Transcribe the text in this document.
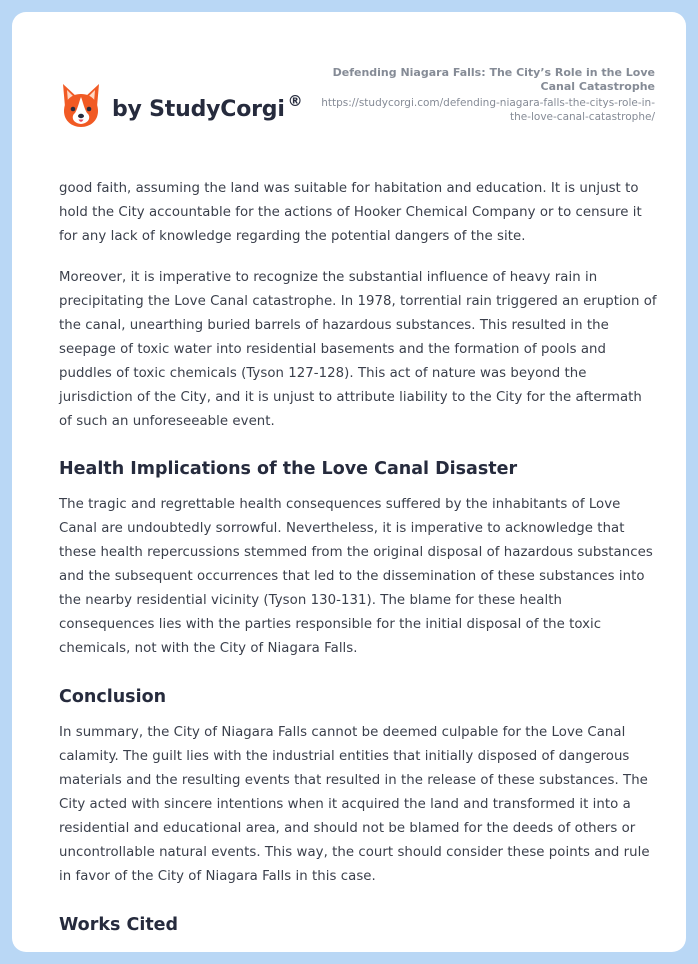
by StudyCorgi ®
Defending Niagara Falls: The City’s Role in the Love Canal Catastrophe
https://studycorgi.com/defending-niagara-falls-the-citys-role-in-the-love-canal-catastrophe/

good faith, assuming the land was suitable for habitation and education. It is unjust to hold the City accountable for the actions of Hooker Chemical Company or to censure it for any lack of knowledge regarding the potential dangers of the site.

Moreover, it is imperative to recognize the substantial influence of heavy rain in precipitating the Love Canal catastrophe. In 1978, torrential rain triggered an eruption of the canal, unearthing buried barrels of hazardous substances. This resulted in the seepage of toxic water into residential basements and the formation of pools and puddles of toxic chemicals (Tyson 127-128). This act of nature was beyond the jurisdiction of the City, and it is unjust to attribute liability to the City for the aftermath of such an unforeseeable event.

Health Implications of the Love Canal Disaster

The tragic and regrettable health consequences suffered by the inhabitants of Love Canal are undoubtedly sorrowful. Nevertheless, it is imperative to acknowledge that these health repercussions stemmed from the original disposal of hazardous substances and the subsequent occurrences that led to the dissemination of these substances into the nearby residential vicinity (Tyson 130-131). The blame for these health consequences lies with the parties responsible for the initial disposal of the toxic chemicals, not with the City of Niagara Falls.

Conclusion

In summary, the City of Niagara Falls cannot be deemed culpable for the Love Canal calamity. The guilt lies with the industrial entities that initially disposed of dangerous materials and the resulting events that resulted in the release of these substances. The City acted with sincere intentions when it acquired the land and transformed it into a residential and educational area, and should not be blamed for the deeds of others or uncontrollable natural events. This way, the court should consider these points and rule in favor of the City of Niagara Falls in this case.

Works Cited
